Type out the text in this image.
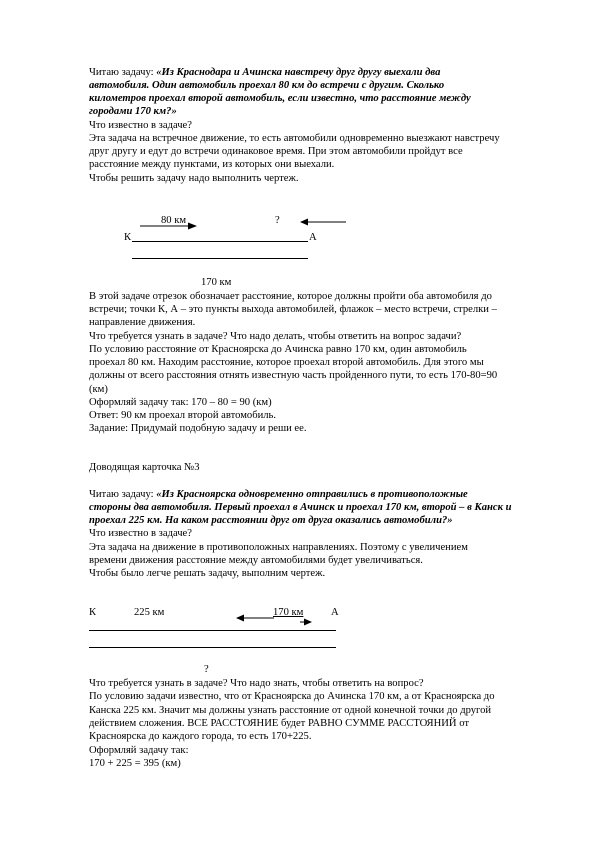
Читаю задачу: «Из Краснодара и Ачинска навстречу друг другу выехали два
автомобиля. Один автомобиль проехал 80 км до встречи с другим. Сколько
километров проехал второй автомобиль, если известно, что расстояние между
городами 170 км?»
Что известно в задаче?
Эта задача на встречное движение, то есть автомобили одновременно выезжают навстречу
друг другу и едут до встречи одинаковое время. При этом автомобили пройдут все
расстояние между пунктами, из которых они выехали.
Чтобы решить задачу надо выполнить чертеж.
80 км	?
К	А
170 км
В этой задаче отрезок обозначает расстояние, которое должны пройти оба автомобиля до
встречи; точки К, А – это пункты выхода автомобилей, флажок – место встречи, стрелки –
направление движения.
Что требуется узнать в задаче? Что надо делать, чтобы ответить на вопрос задачи?
По условию расстояние от Красноярска до Ачинска равно 170 км, один автомобиль
проехал 80 км. Находим расстояние, которое проехал второй автомобиль. Для этого мы
должны от всего расстояния отнять известную часть пройденного пути, то есть 170-80=90
(км)
Оформляй задачу так: 170 – 80 = 90 (км)
Ответ: 90 км проехал второй автомобиль.
Задание: Придумай подобную задачу и реши ее.
Доводящая карточка №3
Читаю задачу: «Из Красноярска одновременно отправились в противоположные
стороны два автомобиля. Первый проехал в Ачинск и проехал 170 км, второй – в Канск и
проехал 225 км. На каком расстоянии друг от друга оказались автомобили?»
Что известно в задаче?
Эта задача на движение в противоположных направлениях. Поэтому с увеличением
времени движения расстояние между автомобилями будет увеличиваться.
Чтобы было легче решать задачу, выполним чертеж.
К	225 км	170 км	А
?
Что требуется узнать в задаче? Что надо знать, чтобы ответить на вопрос?
По условию задачи известно, что от Красноярска до Ачинска 170 км, а от Красноярска до
Канска 225 км. Значит мы должны узнать расстояние от одной конечной точки до другой
действием сложения. ВСЕ РАССТОЯНИЕ будет РАВНО СУММЕ РАССТОЯНИЙ от
Красноярска до каждого города, то есть 170+225.
Оформляй задачу так:
170 + 225 = 395 (км)
